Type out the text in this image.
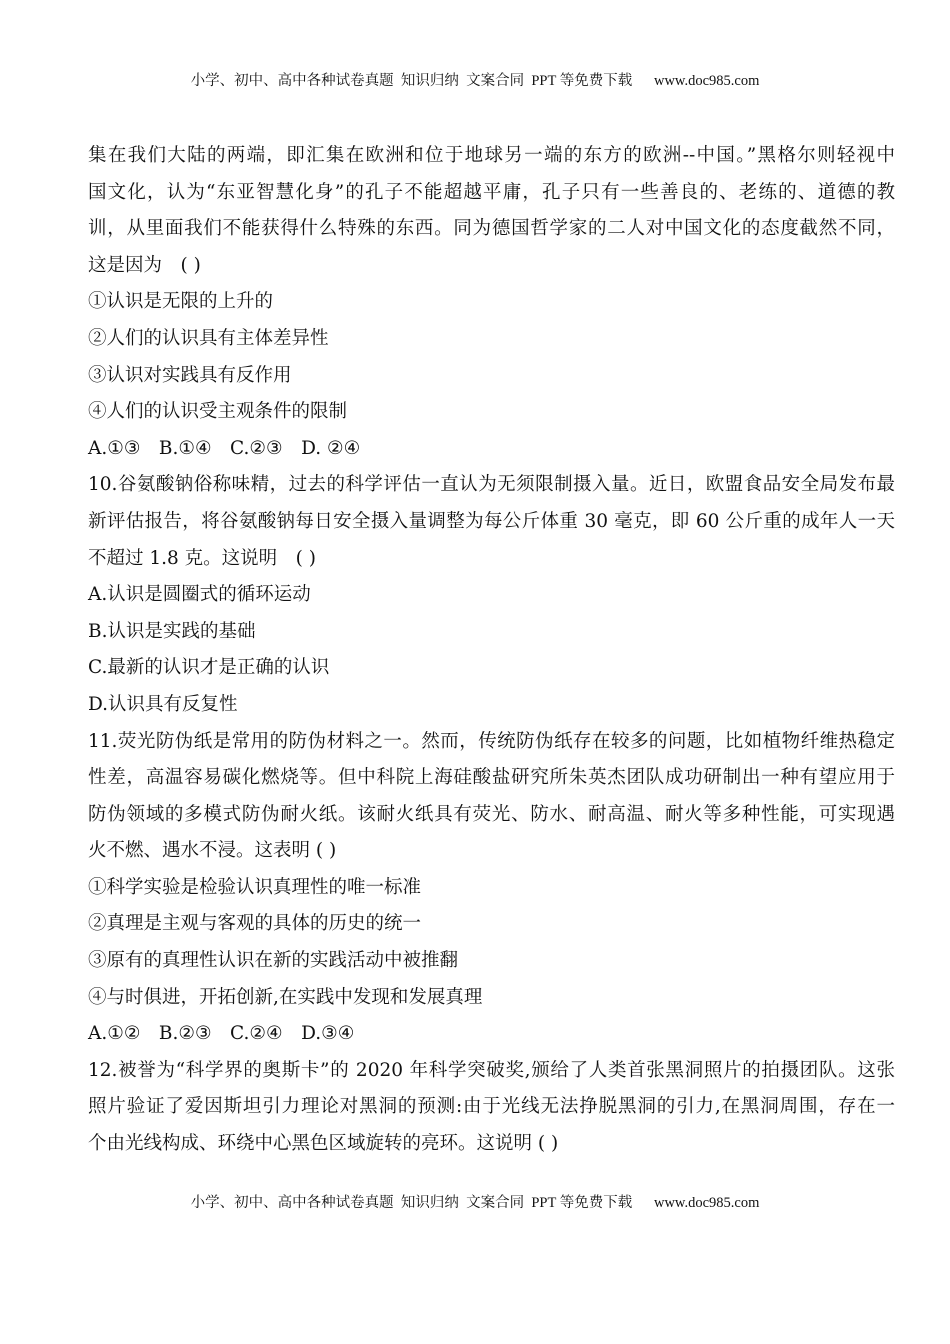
小学、初中、高中各种试卷真题  知识归纳  文案合同  PPT 等免费下载      www.doc985.com
集在我们大陆的两端，即汇集在欧洲和位于地球另一端的东方的欧洲--中国。”黑格尔则轻视中
国文化，认为“东亚智慧化身”的孔子不能超越平庸，孔子只有一些善良的、老练的、道德的教
训，从里面我们不能获得什么特殊的东西。同为德国哲学家的二人对中国文化的态度截然不同，
这是因为　( )
①认识是无限的上升的
②人们的认识具有主体差异性
③认识对实践具有反作用
④人们的认识受主观条件的限制
A.①③　B.①④　C.②③　D. ②④
10.谷氨酸钠俗称味精，过去的科学评估一直认为无须限制摄入量。近日，欧盟食品安全局发布最
新评估报告，将谷氨酸钠每日安全摄入量调整为每公斤体重 30 毫克，即 60 公斤重的成年人一天
不超过 1.8 克。这说明　( )
A.认识是圆圈式的循环运动
B.认识是实践的基础
C.最新的认识才是正确的认识
D.认识具有反复性
11.荧光防伪纸是常用的防伪材料之一。然而，传统防伪纸存在较多的问题，比如植物纤维热稳定
性差，高温容易碳化燃烧等。但中科院上海硅酸盐研究所朱英杰团队成功研制出一种有望应用于
防伪领域的多模式防伪耐火纸。该耐火纸具有荧光、防水、耐高温、耐火等多种性能，可实现遇
火不燃、遇水不浸。这表明 ( )
①科学实验是检验认识真理性的唯一标准
②真理是主观与客观的具体的历史的统一
③原有的真理性认识在新的实践活动中被推翻
④与时俱进，开拓创新,在实践中发现和发展真理
A.①②　B.②③　C.②④　D.③④
12.被誉为“科学界的奥斯卡”的 2020 年科学突破奖,颁给了人类首张黑洞照片的拍摄团队。这张
照片验证了爱因斯坦引力理论对黑洞的预测:由于光线无法挣脱黑洞的引力,在黑洞周围，存在一
个由光线构成、环绕中心黑色区域旋转的亮环。这说明 ( )
小学、初中、高中各种试卷真题  知识归纳  文案合同  PPT 等免费下载      www.doc985.com
